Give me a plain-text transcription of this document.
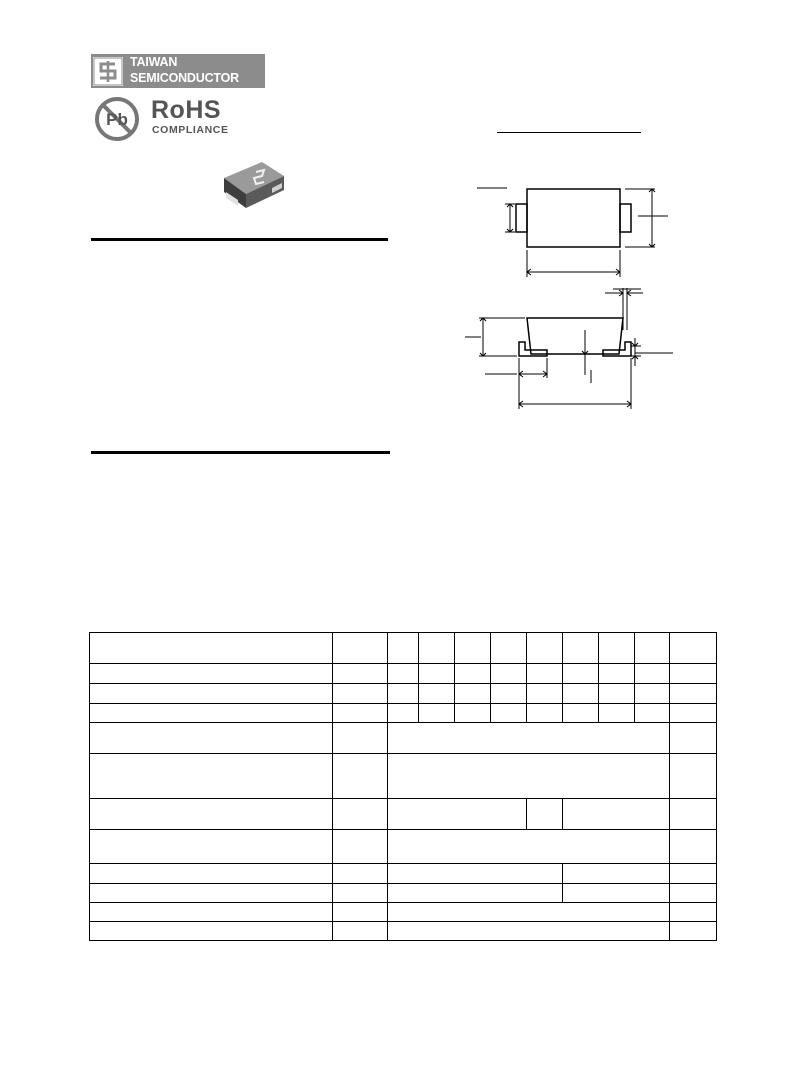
TAIWAN
SEMICONDUCTOR
Pb RoHS
COMPLIANCE
